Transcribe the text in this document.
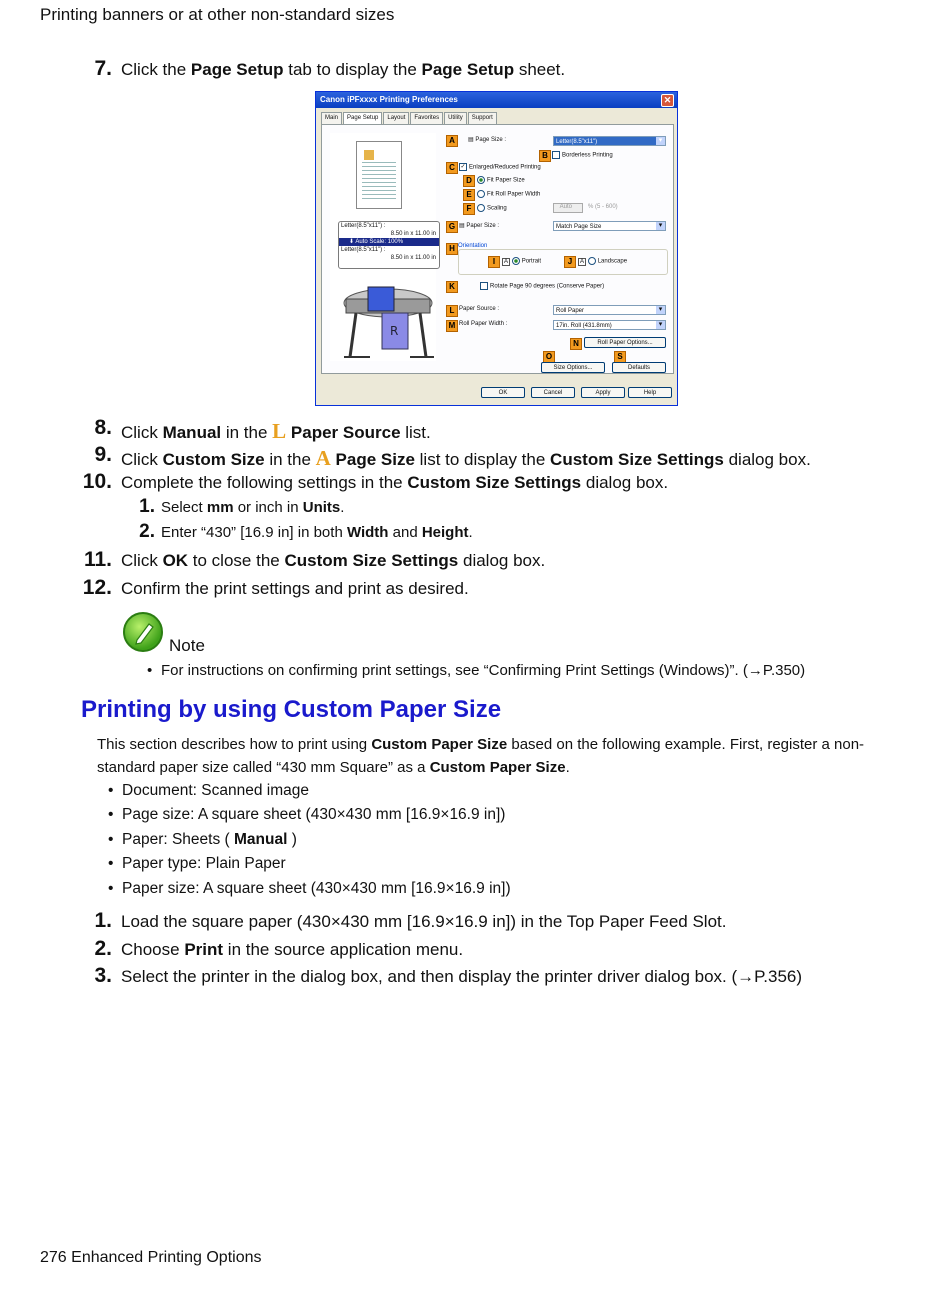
Printing banners or at other non-standard sizes
7. Click the Page Setup tab to display the Page Setup sheet.
Canon iPFxxxx Printing Preferences	✕
Main	Page Setup	Layout	Favorites	Utility	Support
Letter(8.5"x11") :
8.50 in x 11.00 in
⬇ Auto Scale: 100%
Letter(8.5"x11") :
8.50 in x 11.00 in
R
A	▤ Page Size :	Letter(8.5"x11") ▾
B	Borderless Printing
C ✓ Enlarged/Reduced Printing
D	Fit Paper Size
E	Fit Roll Paper Width
F	Scaling	Auto	% (5 - 600)
G ▤ Paper Size :	Match Page Size ▾
H Orientation
I	A Portrait	J	A Landscape
K	Rotate Page 90 degrees (Conserve Paper)
L Paper Source :	Roll Paper ▾
M Roll Paper Width :	17in. Roll (431.8mm) ▾
N	Roll Paper Options...
O	S
Size Options...	Defaults
OK	Cancel	Apply	Help
8. Click Manual in the L Paper Source list.
9. Click Custom Size in the A Page Size list to display the Custom Size Settings dialog box.
10. Complete the following settings in the Custom Size Settings dialog box.
1. Select mm or inch in Units.
2. Enter “430” [16.9 in] in both Width and Height.
11. Click OK to close the Custom Size Settings dialog box.
12. Confirm the print settings and print as desired.
Note
• For instructions on confirming print settings, see “Confirming Print Settings (Windows)”. (→P.350)
Printing by using Custom Paper Size
This section describes how to print using Custom Paper Size based on the following example. First, register a non-standard paper size called “430 mm Square” as a Custom Paper Size.
• Document: Scanned image
• Page size: A square sheet (430×430 mm [16.9×16.9 in])
• Paper: Sheets ( Manual )
• Paper type: Plain Paper
• Paper size: A square sheet (430×430 mm [16.9×16.9 in])
1. Load the square paper (430×430 mm [16.9×16.9 in]) in the Top Paper Feed Slot.
2. Choose Print in the source application menu.
3. Select the printer in the dialog box, and then display the printer driver dialog box. (→P.356)
276 Enhanced Printing Options
